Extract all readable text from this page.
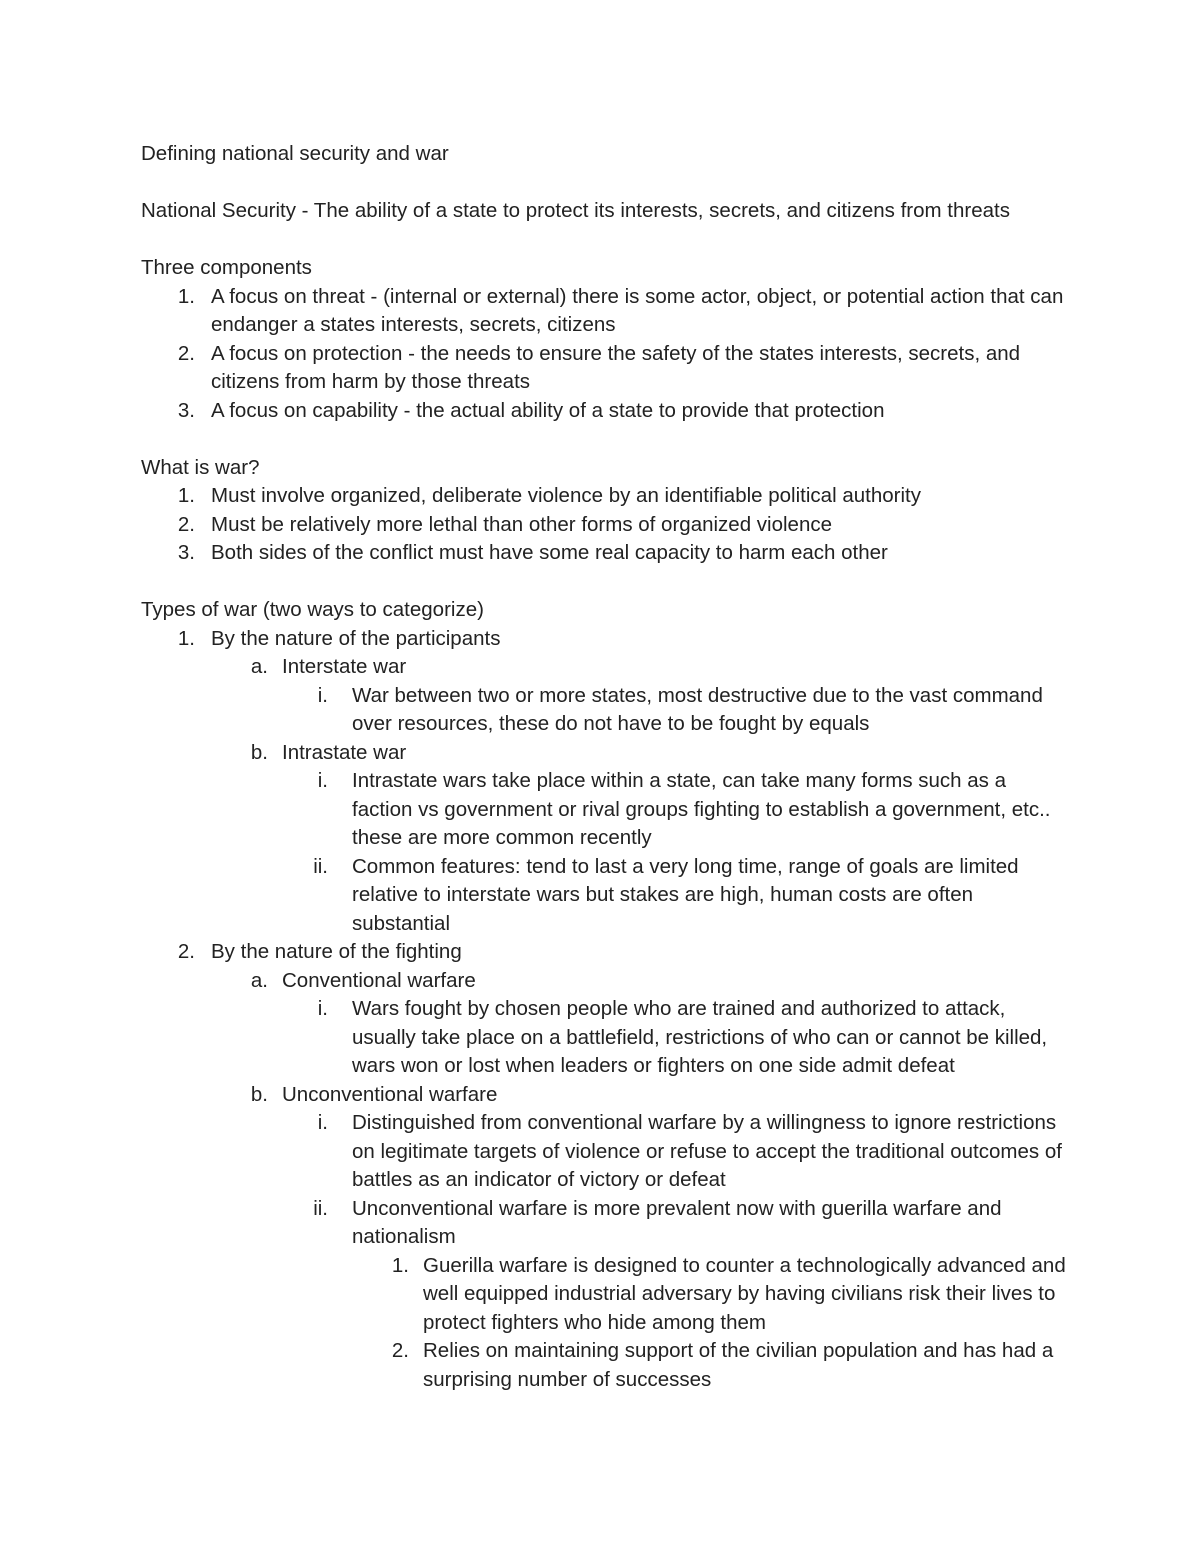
Defining national security and war

National Security - The ability of a state to protect its interests, secrets, and citizens from threats

Three components

1. A focus on threat - (internal or external) there is some actor, object, or potential action that can endanger a states interests, secrets, citizens
2. A focus on protection - the needs to ensure the safety of the states interests, secrets, and citizens from harm by those threats
3. A focus on capability - the actual ability of a state to provide that protection

What is war?

1. Must involve organized, deliberate violence by an identifiable political authority
2. Must be relatively more lethal than other forms of organized violence
3. Both sides of the conflict must have some real capacity to harm each other

Types of war (two ways to categorize)

1. By the nature of the participants
a. Interstate war
i.	War between two or more states, most destructive due to the vast command over resources, these do not have to be fought by equals
b. Intrastate war
i.	Intrastate wars take place within a state, can take many forms such as a faction vs government or rival groups fighting to establish a government, etc.. these are more common recently
ii.	Common features: tend to last a very long time, range of goals are limited relative to interstate wars but stakes are high, human costs are often substantial
2. By the nature of the fighting
a. Conventional warfare
i.	Wars fought by chosen people who are trained and authorized to attack, usually take place on a battlefield, restrictions of who can or cannot be killed, wars won or lost when leaders or fighters on one side admit defeat
b. Unconventional warfare
i.	Distinguished from conventional warfare by a willingness to ignore restrictions on legitimate targets of violence or refuse to accept the traditional outcomes of battles as an indicator of victory or defeat
ii.	Unconventional warfare is more prevalent now with guerilla warfare and nationalism
1. Guerilla warfare is designed to counter a technologically advanced and well equipped industrial adversary by having civilians risk their lives to protect fighters who hide among them
2. Relies on maintaining support of the civilian population and has had a surprising number of successes
